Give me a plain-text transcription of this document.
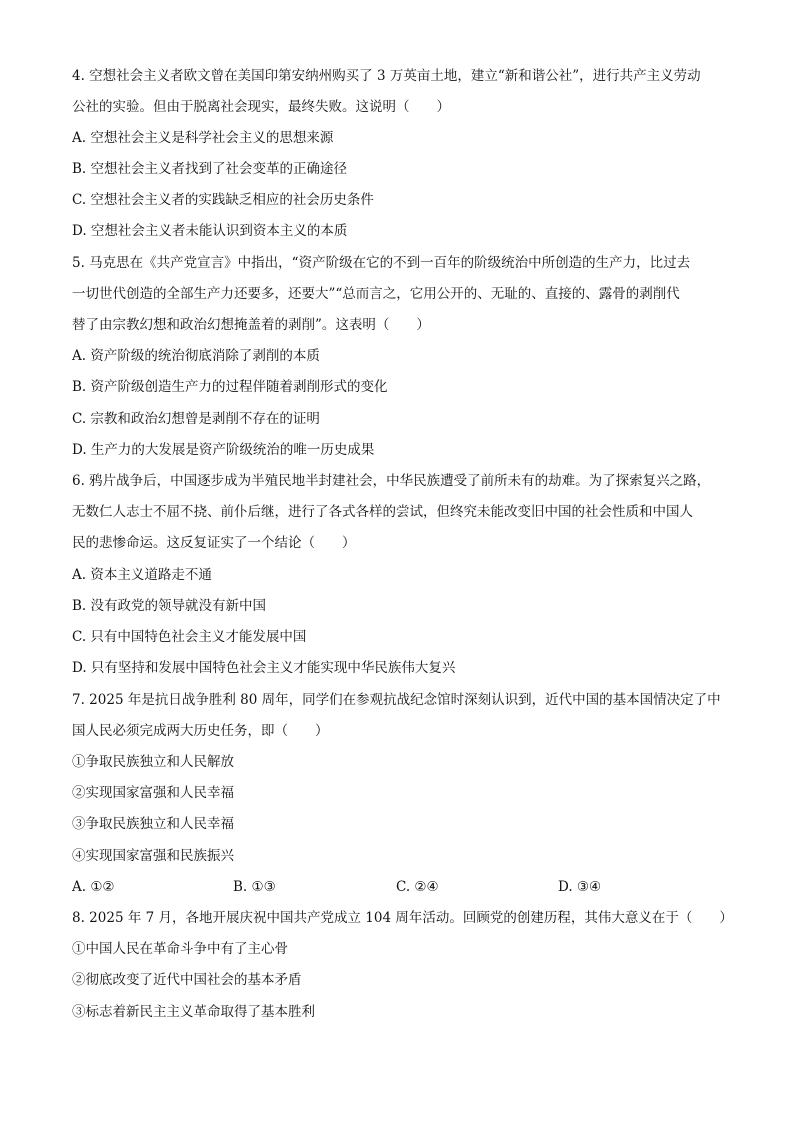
4. 空想社会主义者欧文曾在美国印第安纳州购买了 3 万英亩土地，建立“新和谐公社”，进行共产主义劳动
公社的实验。但由于脱离社会现实，最终失败。这说明（　　）
A. 空想社会主义是科学社会主义的思想来源
B. 空想社会主义者找到了社会变革的正确途径
C. 空想社会主义者的实践缺乏相应的社会历史条件
D. 空想社会主义者未能认识到资本主义的本质
5. 马克思在《共产党宣言》中指出，“资产阶级在它的不到一百年的阶级统治中所创造的生产力，比过去
一切世代创造的全部生产力还要多，还要大”“总而言之，它用公开的、无耻的、直接的、露骨的剥削代
替了由宗教幻想和政治幻想掩盖着的剥削”。这表明（　　）
A. 资产阶级的统治彻底消除了剥削的本质
B. 资产阶级创造生产力的过程伴随着剥削形式的变化
C. 宗教和政治幻想曾是剥削不存在的证明
D. 生产力的大发展是资产阶级统治的唯一历史成果
6. 鸦片战争后，中国逐步成为半殖民地半封建社会，中华民族遭受了前所未有的劫难。为了探索复兴之路，
无数仁人志士不屈不挠、前仆后继，进行了各式各样的尝试，但终究未能改变旧中国的社会性质和中国人
民的悲惨命运。这反复证实了一个结论（　　）
A. 资本主义道路走不通
B. 没有政党的领导就没有新中国
C. 只有中国特色社会主义才能发展中国
D. 只有坚持和发展中国特色社会主义才能实现中华民族伟大复兴
7. 2025 年是抗日战争胜利 80 周年，同学们在参观抗战纪念馆时深刻认识到，近代中国的基本国情决定了中
国人民必须完成两大历史任务，即（　　）
①争取民族独立和人民解放
②实现国家富强和人民幸福
③争取民族独立和人民幸福
④实现国家富强和民族振兴
A. ①②	B. ①③	C. ②④	D. ③④
8. 2025 年 7 月，各地开展庆祝中国共产党成立 104 周年活动。回顾党的创建历程，其伟大意义在于（　　）
①中国人民在革命斗争中有了主心骨
②彻底改变了近代中国社会的基本矛盾
③标志着新民主主义革命取得了基本胜利
